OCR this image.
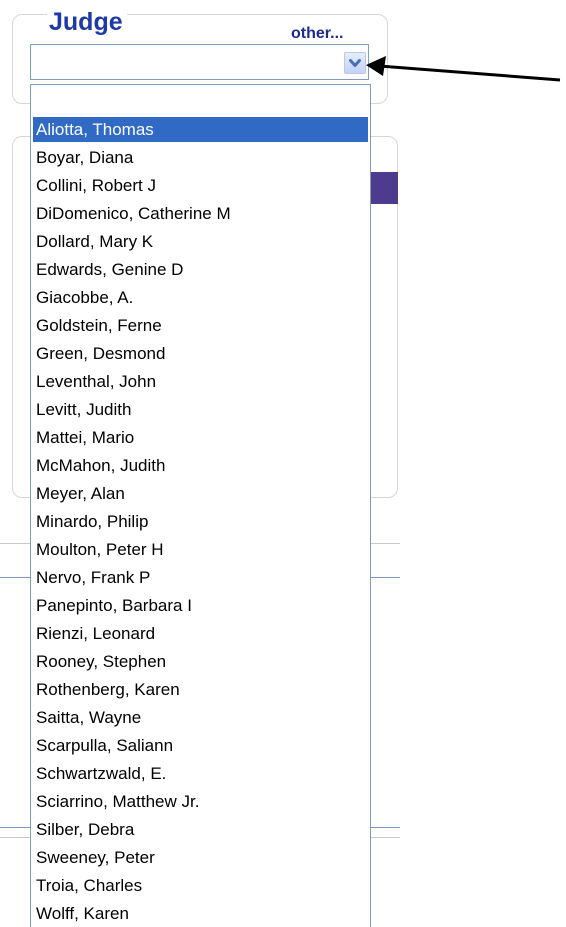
Judge	other...
Aliotta, Thomas
Boyar, Diana
Collini, Robert J
DiDomenico, Catherine M
Dollard, Mary K
Edwards, Genine D
Giacobbe, A.
Goldstein, Ferne
Green, Desmond
Leventhal, John
Levitt, Judith
Mattei, Mario
McMahon, Judith
Meyer, Alan
Minardo, Philip
Moulton, Peter H
Nervo, Frank P
Panepinto, Barbara I
Rienzi, Leonard
Rooney, Stephen
Rothenberg, Karen
Saitta, Wayne
Scarpulla, Saliann
Schwartzwald, E.
Sciarrino, Matthew Jr.
Silber, Debra
Sweeney, Peter
Troia, Charles
Wolff, Karen
